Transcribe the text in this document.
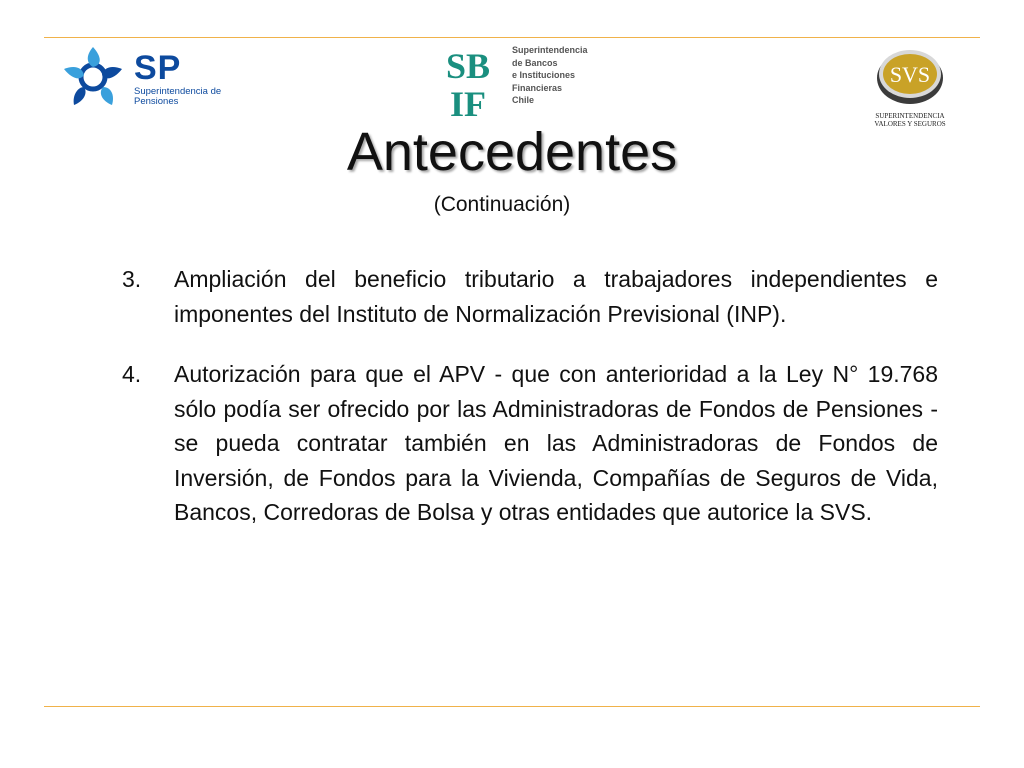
SP
Superintendencia de Pensiones
SB
IF
Superintendencia
de Bancos
e Instituciones
Financieras
Chile
SVS
SUPERINTENDENCIA
VALORES Y SEGUROS
Antecedentes
(Continuación)
3.	Ampliación del beneficio tributario a trabajadores independientes e imponentes del Instituto de Normalización Previsional (INP).
4.	Autorización para que el APV - que con anterioridad a la Ley N° 19.768 sólo podía ser ofrecido por las Administradoras de Fondos de Pensiones - se pueda contratar también en las Administradoras de Fondos de Inversión, de Fondos para la Vivienda, Compañías de Seguros de Vida, Bancos, Corredoras de Bolsa y otras entidades que autorice la SVS.
